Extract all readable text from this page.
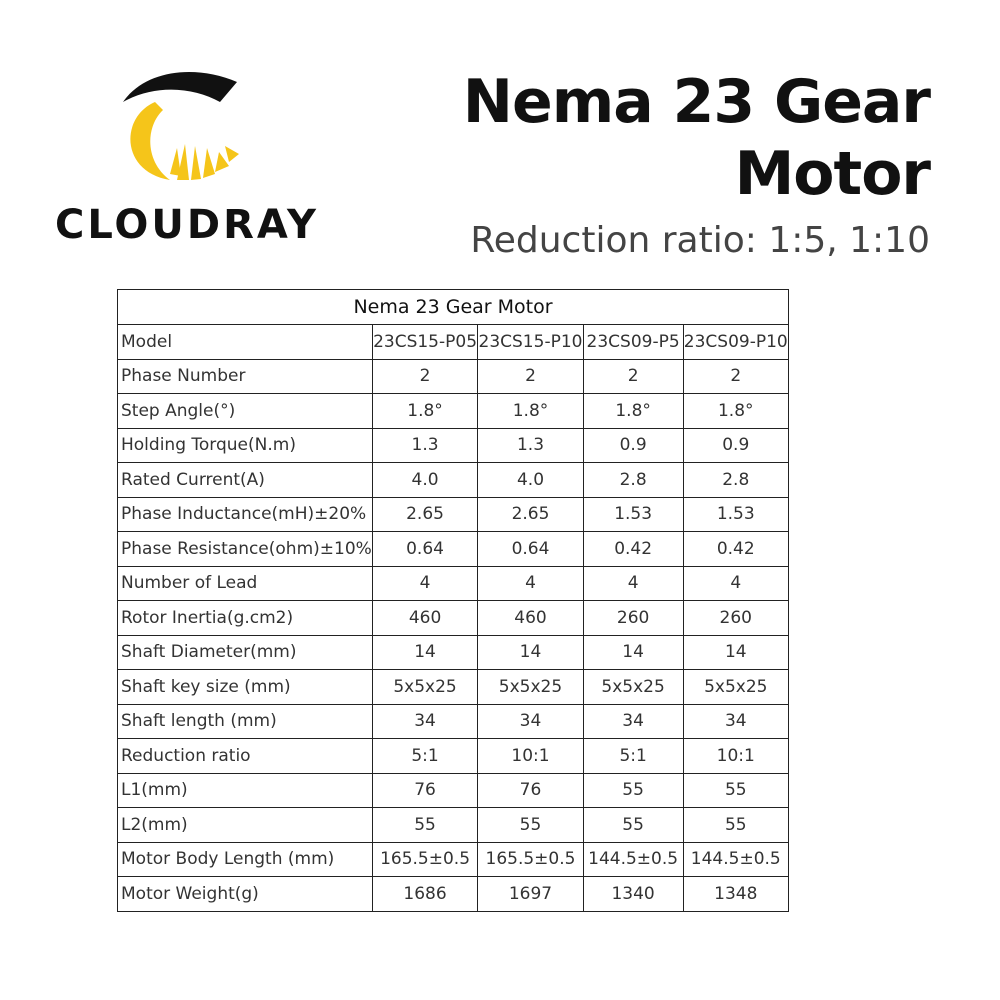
CLOUDRAY
Nema 23 Gear
Motor
Reduction ratio: 1:5, 1:10
Nema 23 Gear Motor				
Model	23CS15-P05	23CS15-P10	23CS09-P5	23CS09-P10
Phase Number	2	2	2	2
Step Angle(°)	1.8°	1.8°	1.8°	1.8°
Holding Torque(N.m)	1.3	1.3	0.9	0.9
Rated Current(A)	4.0	4.0	2.8	2.8
Phase Inductance(mH)±20%	2.65	2.65	1.53	1.53
Phase Resistance(ohm)±10%	0.64	0.64	0.42	0.42
Number of Lead	4	4	4	4
Rotor Inertia(g.cm2)	460	460	260	260
Shaft Diameter(mm)	14	14	14	14
Shaft key size (mm)	5x5x25	5x5x25	5x5x25	5x5x25
Shaft length (mm)	34	34	34	34
Reduction ratio	5:1	10:1	5:1	10:1
L1(mm)	76	76	55	55
L2(mm)	55	55	55	55
Motor Body Length (mm)	165.5±0.5	165.5±0.5	144.5±0.5	144.5±0.5
Motor Weight(g)	1686	1697	1340	1348
